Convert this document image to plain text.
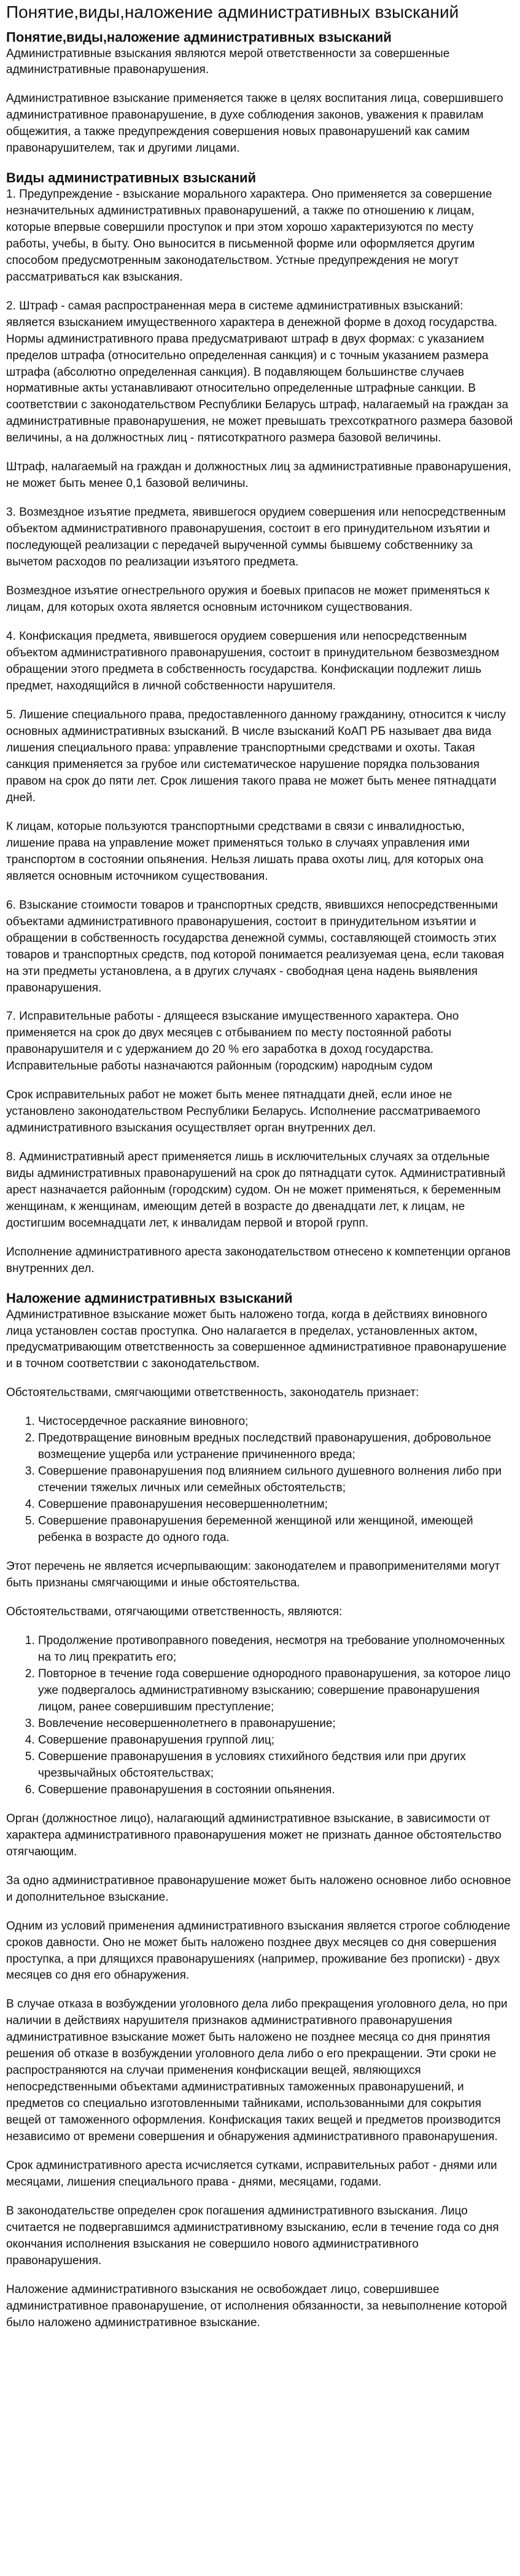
Понятие,виды,наложение административных взысканий
Понятие,виды,наложение административных взысканий

Административные взыскания являются мерой ответственности за совершенные административные правонарушения.

Административное взыскание применяется также в целях воспитания лица, совершившего административное правонарушение, в духе соблюдения законов, уважения к правилам общежития, а также предупреждения совершения новых правонарушений как самим правонарушителем, так и другими лицами.

Виды административных взысканий

1. Предупреждение - взыскание морального характера. Оно применяется за совершение незначительных административных правонарушений, а также по отношению к лицам, которые впервые совершили проступок и при этом хорошо характеризуются по месту работы, учебы, в быту. Оно выносится в письменной форме или оформляется другим способом предусмотренным законодательством. Устные предупреждения не могут рассматриваться как взыскания.

2. Штраф - самая распространенная мера в системе административных взысканий: является взысканием имущественного характера в денежной форме в доход государства. Нормы административного права предусматривают штраф в двух формах: с указанием пределов штрафа (относительно определенная санкция) и с точным указанием размера штрафа (абсолютно определенная санкция). В подавляющем большинстве случаев нормативные акты устанавливают относительно определенные штрафные санкции. В соответствии с законодательством Республики Беларусь штраф, налагаемый на граждан за административные правонарушения, не может превышать трехсоткратного размера базовой величины, а на должностных лиц - пятисоткратного размера базовой величины.

Штраф, налагаемый на граждан и должностных лиц за административные правонарушения, не может быть менее 0,1 базовой величины.

3. Возмездное изъятие предмета, явившегося орудием совершения или непосредственным объектом административного правонарушения, состоит в его принудительном изъятии и последующей реализации с передачей вырученной суммы бывшему собственнику за вычетом расходов по реализации изъятого предмета.

Возмездное изъятие огнестрельного оружия и боевых припасов не может применяться к лицам, для которых охота является основным источником существования.

4. Конфискация предмета, явившегося орудием совершения или непосредственным объектом административного правонарушения, состоит в принудительном безвозмездном обращении этого предмета в собственность государства. Конфискации подлежит лишь предмет, находящийся в личной собственности нарушителя.

5. Лишение специального права, предоставленного данному гражданину, относится к числу основных административных взысканий. В числе взысканий КоАП РБ называет два вида лишения специального права: управление транспортными средствами и охоты. Такая санкция применяется за грубое или систематическое нарушение порядка пользования правом на срок до пяти лет. Срок лишения такого права не может быть менее пятнадцати дней.

К лицам, которые пользуются транспортными средствами в связи с инвалидностью, лишение права на управление может применяться только в случаях управления ими транспортом в состоянии опьянения. Нельзя лишать права охоты лиц, для которых она является основным источником существования.

6. Взыскание стоимости товаров и транспортных средств, явившихся непосредственными объектами административного правонарушения, состоит в принудительном изъятии и обращении в собственность государства денежной суммы, составляющей стоимость этих товаров и транспортных средств, под которой понимается реализуемая цена, если таковая на эти предметы установлена, а в других случаях - свободная цена надень выявления правонарушения.

7. Исправительные работы - длящееся взыскание имущественного характера. Оно применяется на срок до двух месяцев с отбыванием по месту постоянной работы правонарушителя и с удержанием до 20 % его заработка в доход государства. Исправительные работы назначаются районным (городским) народным судом

Срок исправительных работ не может быть менее пятнадцати дней, если иное не установлено законодательством Республики Беларусь. Исполнение рассматриваемого административного взыскания осуществляет орган внутренних дел.

8. Административный арест применяется лишь в исключительных случаях за отдельные виды административных правонарушений на срок до пятнадцати суток. Административный арест назначается районным (городским) судом. Он не может применяться, к беременным женщинам, к женщинам, имеющим детей в возрасте до двенадцати лет, к лицам, не достигшим восемнадцати лет, к инвалидам первой и второй групп.

Исполнение административного ареста законодательством отнесено к компетенции органов внутренних дел.

Наложение административных взысканий

Административное взыскание может быть наложено тогда, когда в действиях виновного лица установлен состав проступка. Оно налагается в пределах, установленных актом, предусматривающим ответственность за совершенное административное правонарушение и в точном соответствии с законодательством.

Обстоятельствами, смягчающими ответственность, законодатель признает:

1. Чистосердечное раскаяние виновного;
2. Предотвращение виновным вредных последствий правонарушения, добровольное возмещение ущерба или устранение причиненного вреда;
3. Совершение правонарушения под влиянием сильного душевного волнения либо при стечении тяжелых личных или семейных обстоятельств;
4. Совершение правонарушения несовершеннолетним;
5. Совершение правонарушения беременной женщиной или женщиной, имеющей ребенка в возрасте до одного года.

Этот перечень не является исчерпывающим: законодателем и правоприменителями могут быть признаны смягчающими и иные обстоятельства.

Обстоятельствами, отягчающими ответственность, являются:

1. Продолжение противоправного поведения, несмотря на требование уполномоченных на то лиц прекратить его;
2. Повторное в течение года совершение однородного правонарушения, за которое лицо уже подвергалось административному взысканию; совершение правонарушения лицом, ранее совершившим преступление;
3. Вовлечение несовершеннолетнего в правонарушение;
4. Совершение правонарушения группой лиц;
5. Совершение правонарушения в условиях стихийного бедствия или при других чрезвычайных обстоятельствах;
6. Совершение правонарушения в состоянии опьянения.

Орган (должностное лицо), налагающий административное взыскание, в зависимости от характера административного правонарушения может не признать данное обстоятельство отягчающим.

За одно административное правонарушение может быть наложено основное либо основное и дополнительное взыскание.

Одним из условий применения административного взыскания является строгое соблюдение сроков давности. Оно не может быть наложено позднее двух месяцев со дня совершения проступка, а при длящихся правонарушениях (например, проживание без прописки) - двух месяцев со дня его обнаружения.

В случае отказа в возбуждении уголовного дела либо прекращения уголовного дела, но при наличии в действиях нарушителя признаков административного правонарушения административное взыскание может быть наложено не позднее месяца со дня принятия решения об отказе в возбуждении уголовного дела либо о его прекращении. Эти сроки не распространяются на случаи применения конфискации вещей, являющихся непосредственными объектами административных таможенных правонарушений, и предметов со специально изготовленными тайниками, использованными для сокрытия вещей от таможенного оформления. Конфискация таких вещей и предметов производится независимо от времени совершения и обнаружения административного правонарушения.

Срок административного ареста исчисляется сутками, исправительных работ - днями или месяцами, лишения специального права - днями, месяцами, годами.

В законодательстве определен срок погашения административного взыскания. Лицо считается не подвергавшимся административному взысканию, если в течение года со дня окончания исполнения взыскания не совершило нового административного правонарушения.

Наложение административного взыскания не освобождает лицо, совершившее административное правонарушение, от исполнения обязанности, за невыполнение которой было наложено административное взыскание.
